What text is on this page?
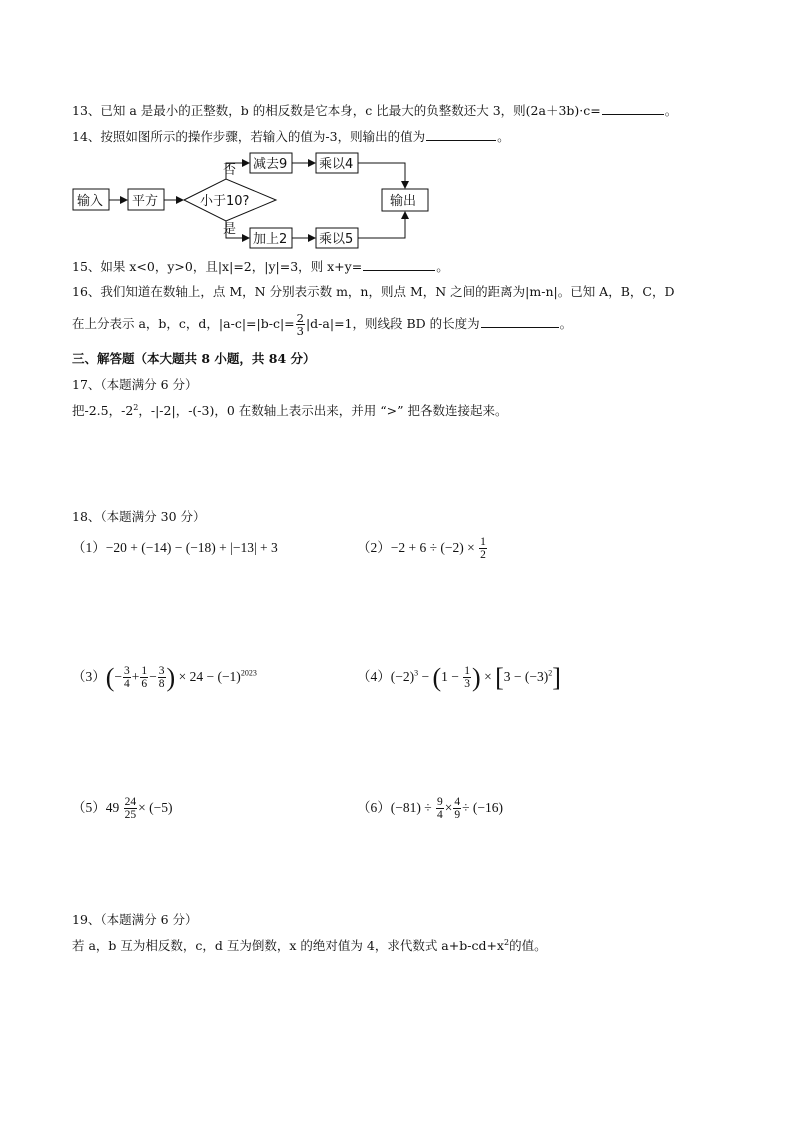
13、已知 a 是最小的正整数，b 的相反数是它本身，c 比最大的负整数还大 3，则(2a＋3b)·c=	。
14、按照如图所示的操作步骤，若输入的值为-3，则输出的值为	。
输入 平方	小于10?
减去9 乘以4
加上2 乘以5
输出
否
是
15、如果 x<0，y>0，且|x|=2，|y|=3，则 x+y=	。
16、我们知道在数轴上，点 M，N 分别表示数 m，n，则点 M，N 之间的距离为|m-n|。已知 A，B，C，D
在上分表示 a，b，c，d，$|a-c|=|b-c|= \frac{2}{3} |d-a|=1$，则线段 BD 的长度为	。
三、解答题（本大题共 8 小题，共 84 分）
17、（本题满分 6 分）
把-2.5，$-2^2$，-|-2|，-(-3)，0 在数轴上表示出来，并用 “>” 把各数连接起来。
18、（本题满分 30 分）
（1）−20 + (−14) − (−18) + |−13| + 3	$(2)-2 + 6 \div (-2) \times \frac{1}{2}$
$(3)(- \frac{3}{4} + \frac{1}{6} - \frac{3}{8}$ ) × $24 - (-1)^{2023}$	$(4)(-2)^3 - (1 - \frac{1}{3}$ ) × $[3 - (-3)^2]$
$(5)49 \frac{24}{25} \times (-5)$	$(6)(-81) \div \frac{9}{4} \times \frac{4}{9} \div (-16)$
19、（本题满分 6 分）
若 a，b 互为相反数，c，d 互为倒数，x 的绝对值为 4，求代数式 $a+b-cd+x^2$的值。
